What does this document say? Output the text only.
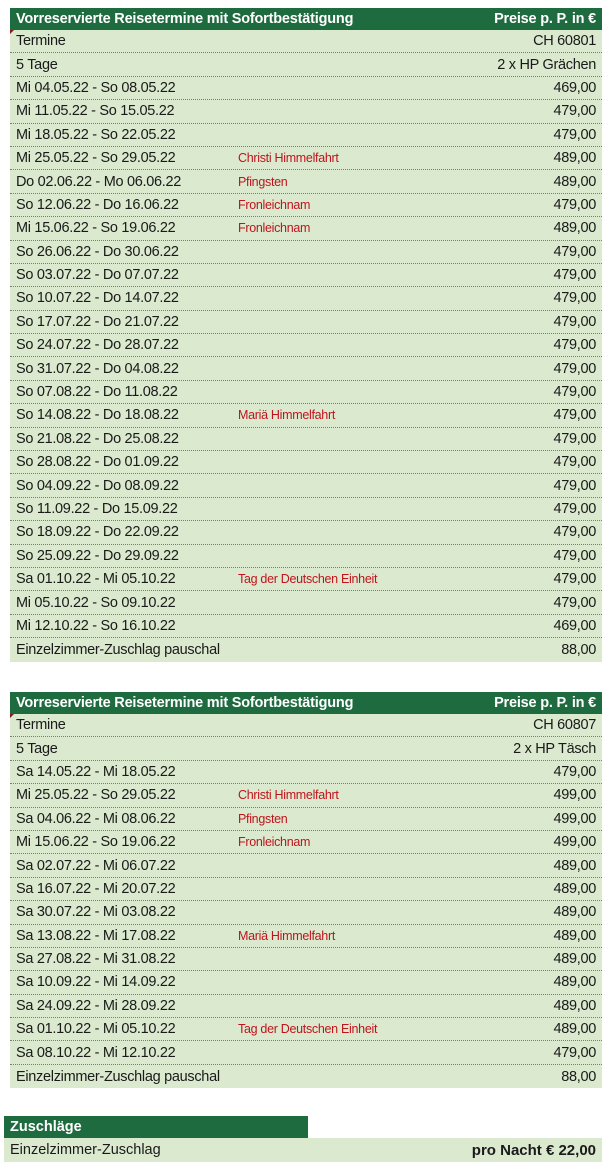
Vorreservierte Reisetermine mit Sofortbestätigung	Preise p. P. in €
Termine	CH 60801
5 Tage	2 x HP Grächen
Mi 04.05.22 - So 08.05.22	469,00
Mi 11.05.22 - So 15.05.22	479,00
Mi 18.05.22 - So 22.05.22	479,00
Mi 25.05.22 - So 29.05.22	Christi Himmelfahrt	489,00
Do 02.06.22 - Mo 06.06.22	Pfingsten	489,00
So 12.06.22 - Do 16.06.22	Fronleichnam	479,00
Mi 15.06.22 - So 19.06.22	Fronleichnam	489,00
So 26.06.22 - Do 30.06.22	479,00
So 03.07.22 - Do 07.07.22	479,00
So 10.07.22 - Do 14.07.22	479,00
So 17.07.22 - Do 21.07.22	479,00
So 24.07.22 - Do 28.07.22	479,00
So 31.07.22 - Do 04.08.22	479,00
So 07.08.22 - Do 11.08.22	479,00
So 14.08.22 - Do 18.08.22	Mariä Himmelfahrt	479,00
So 21.08.22 - Do 25.08.22	479,00
So 28.08.22 - Do 01.09.22	479,00
So 04.09.22 - Do 08.09.22	479,00
So 11.09.22 - Do 15.09.22	479,00
So 18.09.22 - Do 22.09.22	479,00
So 25.09.22 - Do 29.09.22	479,00
Sa 01.10.22 - Mi 05.10.22	Tag der Deutschen Einheit	479,00
Mi 05.10.22 - So 09.10.22	479,00
Mi 12.10.22 - So 16.10.22	469,00
Einzelzimmer-Zuschlag pauschal	88,00
Vorreservierte Reisetermine mit Sofortbestätigung	Preise p. P. in €
Termine	CH 60807
5 Tage	2 x HP Täsch
Sa 14.05.22 - Mi 18.05.22	479,00
Mi 25.05.22 - So 29.05.22	Christi Himmelfahrt	499,00
Sa 04.06.22 - Mi 08.06.22	Pfingsten	499,00
Mi 15.06.22 - So 19.06.22	Fronleichnam	499,00
Sa 02.07.22 - Mi 06.07.22	489,00
Sa 16.07.22 - Mi 20.07.22	489,00
Sa 30.07.22 - Mi 03.08.22	489,00
Sa 13.08.22 - Mi 17.08.22	Mariä Himmelfahrt	489,00
Sa 27.08.22 - Mi 31.08.22	489,00
Sa 10.09.22 - Mi 14.09.22	489,00
Sa 24.09.22 - Mi 28.09.22	489,00
Sa 01.10.22 - Mi 05.10.22	Tag der Deutschen Einheit	489,00
Sa 08.10.22 - Mi 12.10.22	479,00
Einzelzimmer-Zuschlag pauschal	88,00
Zuschläge
Einzelzimmer-Zuschlag	pro Nacht € 22,00
